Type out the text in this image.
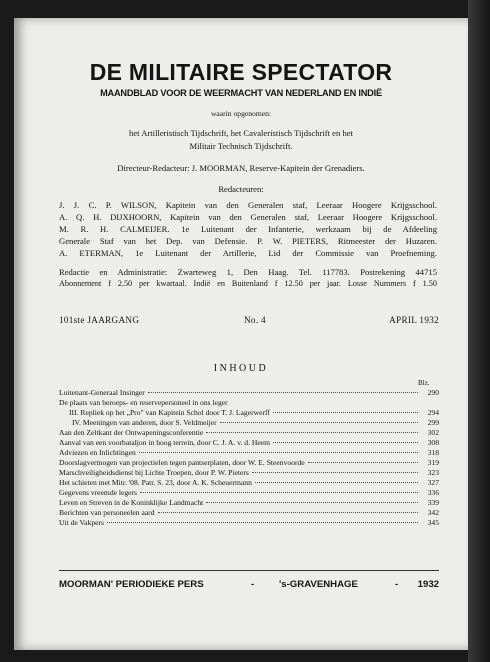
DE MILITAIRE SPECTATOR
MAANDBLAD VOOR DE WEERMACHT VAN NEDERLAND EN INDIË
waarin opgenomen:
het Artilleristisch Tijdschrift, het Cavaleristisch Tijdschrift en het
Militair Technisch Tijdschrift.
Directeur-Redacteur: J. MOORMAN, Reserve-Kapitein der Grenadiers.
Redacteuren:
J. J. C. P. WILSON, Kapitein van den Generalen staf, Leeraar Hoogere Krijgsschool.
A. Q. H. DIJXHOORN, Kapitein van den Generalen staf, Leeraar Hoogere Krijgsschool.
M. R. H. CALMEIJER. 1e Luitenant der Infanterie, werkzaam bij de Afdeeling
Generale Staf van het Dep. van Defensie. P. W. PIETERS, Ritmeester der Huzaren.
A. ETERMAN, 1e Luitenant der Artillerie, Lid der Commissie van Proefneming.
Redactie en Administratie: Zwarteweg 1, Den Haag. Tel. 117783. Postrekening 44715
Abonnement f 2.50 per kwartaal. Indië en Buitenland f 12.50 per jaar. Losse Nummers f 1.50
101ste JAARGANG	No. 4	APRIL 1932
INHOUD
Blz.
Luitenant-Generaal Insinger	290
De plaats van beroeps- en reservepersoneel in ons leger
III. Repliek op het „Pro" van Kapitein Schol door T. J. Lagerwerff	294
IV. Meeningen van anderen, door S. Veldmeijer	299
Aan den Zeltkant der Ontwapeningsconferentie	302
Aanval van een voorbataljon in hoog terrein, door C. J. A. v. d. Heem	308
Adviezen en Inlichtingen	318
Doorslagvermogen van projectielen tegen pantserplaten, door W. E. Steenvoorde	319
Marschveiligheidsdienst bij Lichte Troepen, door P. W. Pieters	323
Het schieten met Mitr. '08. Patr. S. 23, door A. K. Scheuermann	327
Gegevens vreemde legers	336
Leven en Streven in de Koninklijke Landmacht	339
Berichten van personeelen aard	342
Uit de Vakpers	345
MOORMAN' PERIODIEKE PERS	-	's-GRAVENHAGE	- 1932
